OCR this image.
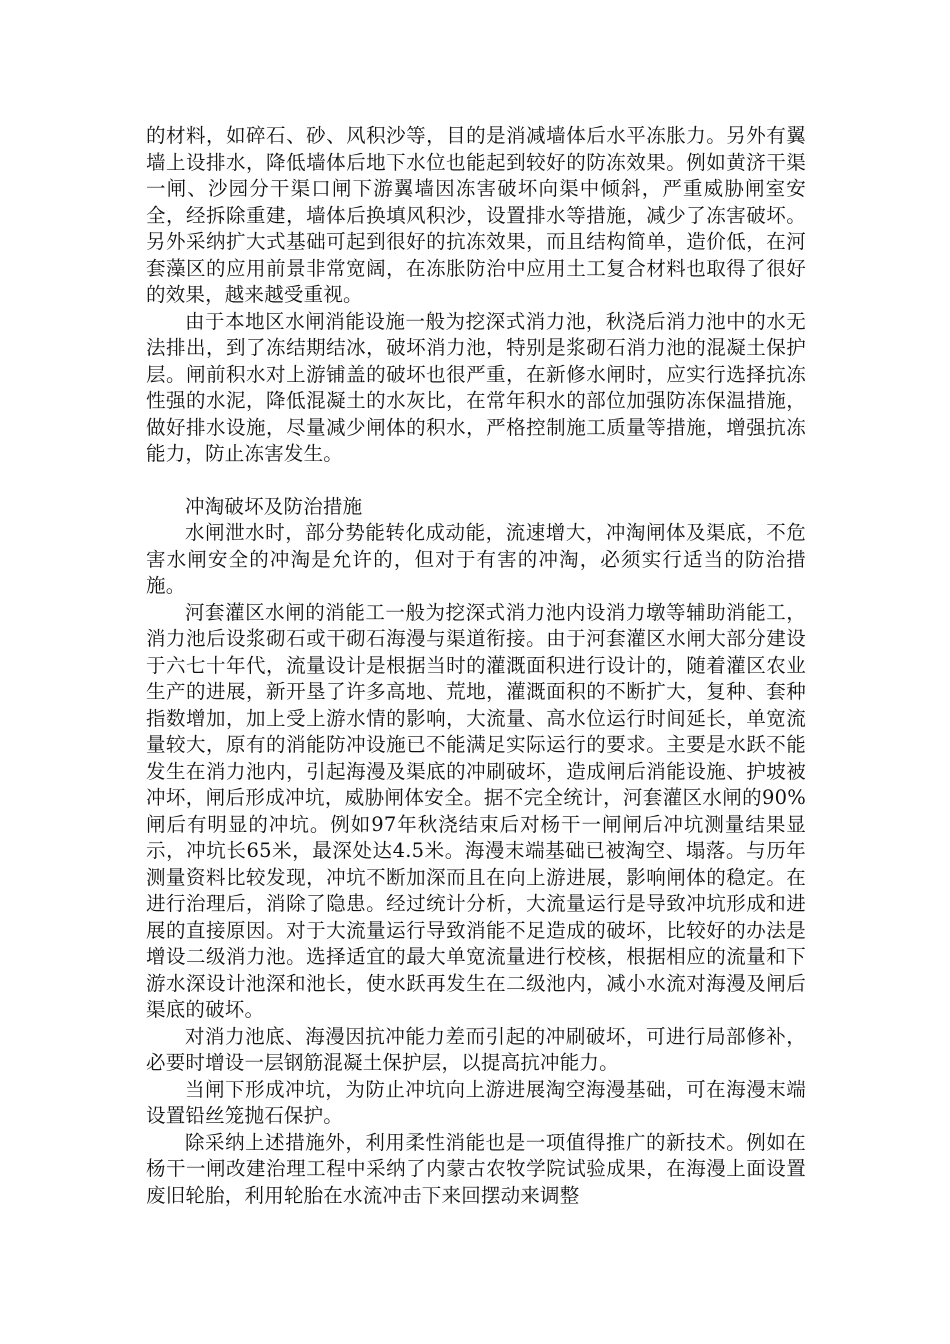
的材料，如碎石、砂、风积沙等，目的是消减墙体后水平冻胀力。另外有翼墙上设排水，降低墙体后地下水位也能起到较好的防冻效果。例如黄济干渠一闸、沙园分干渠口闸下游翼墙因冻害破坏向渠中倾斜，严重威胁闸室安全，经拆除重建，墙体后换填风积沙，设置排水等措施，减少了冻害破坏。另外采纳扩大式基础可起到很好的抗冻效果，而且结构简单，造价低，在河套藻区的应用前景非常宽阔，在冻胀防治中应用土工复合材料也取得了很好的效果，越来越受重视。

由于本地区水闸消能设施一般为挖深式消力池，秋浇后消力池中的水无法排出，到了冻结期结冰，破坏消力池，特别是浆砌石消力池的混凝土保护层。闸前积水对上游铺盖的破坏也很严重，在新修水闸时，应实行选择抗冻性强的水泥，降低混凝土的水灰比，在常年积水的部位加强防冻保温措施，做好排水设施，尽量减少闸体的积水，严格控制施工质量等措施，增强抗冻能力，防止冻害发生。

冲淘破坏及防治措施

水闸泄水时，部分势能转化成动能，流速增大，冲淘闸体及渠底，不危害水闸安全的冲淘是允许的，但对于有害的冲淘，必须实行适当的防治措施。

河套灌区水闸的消能工一般为挖深式消力池内设消力墩等辅助消能工，消力池后设浆砌石或干砌石海漫与渠道衔接。由于河套灌区水闸大部分建设于六七十年代，流量设计是根据当时的灌溉面积进行设计的，随着灌区农业生产的进展，新开垦了许多高地、荒地，灌溉面积的不断扩大，复种、套种指数增加，加上受上游水情的影响，大流量、高水位运行时间延长，单宽流量较大，原有的消能防冲设施已不能满足实际运行的要求。主要是水跃不能发生在消力池内，引起海漫及渠底的冲刷破坏，造成闸后消能设施、护坡被冲坏，闸后形成冲坑，威胁闸体安全。据不完全统计，河套灌区水闸的90%闸后有明显的冲坑。例如97年秋浇结束后对杨干一闸闸后冲坑测量结果显示，冲坑长65米，最深处达4.5米。海漫末端基础已被淘空、塌落。与历年测量资料比较发现，冲坑不断加深而且在向上游进展，影响闸体的稳定。在进行治理后，消除了隐患。经过统计分析，大流量运行是导致冲坑形成和进展的直接原因。对于大流量运行导致消能不足造成的破坏，比较好的办法是增设二级消力池。选择适宜的最大单宽流量进行校核，根据相应的流量和下游水深设计池深和池长，使水跃再发生在二级池内，减小水流对海漫及闸后渠底的破坏。

对消力池底、海漫因抗冲能力差而引起的冲刷破坏，可进行局部修补，必要时增设一层钢筋混凝土保护层，以提高抗冲能力。

当闸下形成冲坑，为防止冲坑向上游进展淘空海漫基础，可在海漫末端设置铅丝笼抛石保护。

除采纳上述措施外，利用柔性消能也是一项值得推广的新技术。例如在杨干一闸改建治理工程中采纳了内蒙古农牧学院试验成果，在海漫上面设置废旧轮胎，利用轮胎在水流冲击下来回摆动来调整
